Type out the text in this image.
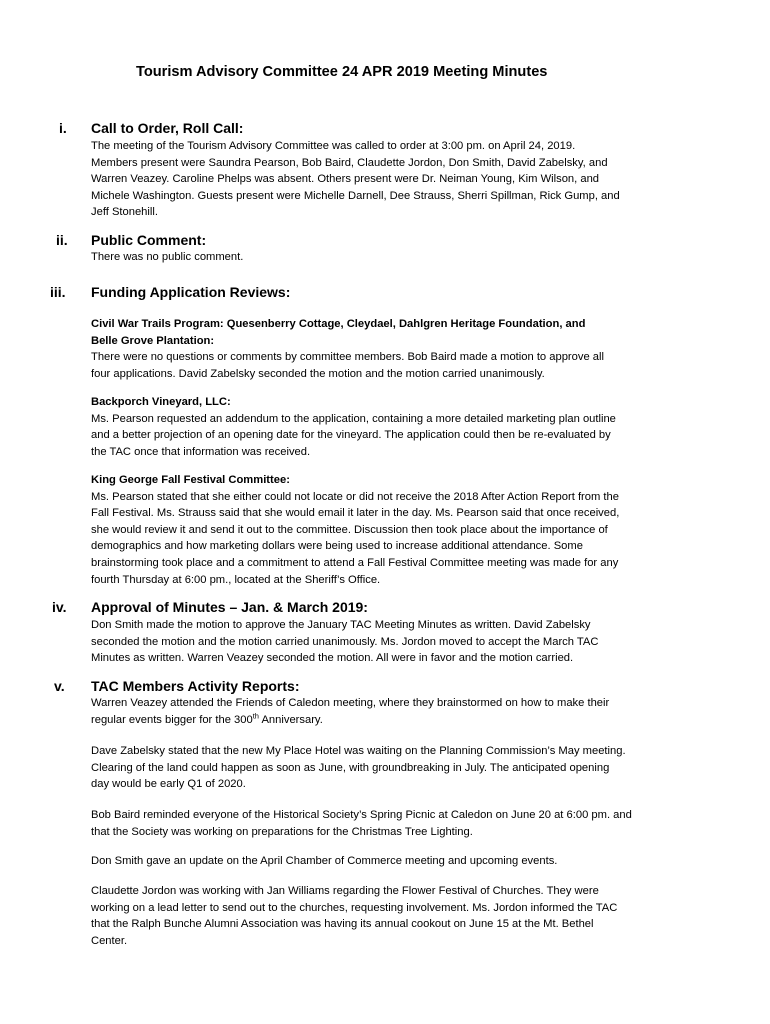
Tourism Advisory Committee 24 APR 2019 Meeting Minutes
i. Call to Order, Roll Call:
The meeting of the Tourism Advisory Committee was called to order at 3:00 pm. on April 24, 2019.
Members present were Saundra Pearson, Bob Baird, Claudette Jordon, Don Smith, David Zabelsky, and
Warren Veazey. Caroline Phelps was absent. Others present were Dr. Neiman Young, Kim Wilson, and
Michele Washington. Guests present were Michelle Darnell, Dee Strauss, Sherri Spillman, Rick Gump, and
Jeff Stonehill.
ii. Public Comment:
There was no public comment.
iii. Funding Application Reviews:
Civil War Trails Program: Quesenberry Cottage, Cleydael, Dahlgren Heritage Foundation, and
Belle Grove Plantation:
There were no questions or comments by committee members. Bob Baird made a motion to approve all
four applications. David Zabelsky seconded the motion and the motion carried unanimously.
Backporch Vineyard, LLC:
Ms. Pearson requested an addendum to the application, containing a more detailed marketing plan outline
and a better projection of an opening date for the vineyard. The application could then be re-evaluated by
the TAC once that information was received.
King George Fall Festival Committee:
Ms. Pearson stated that she either could not locate or did not receive the 2018 After Action Report from the
Fall Festival. Ms. Strauss said that she would email it later in the day. Ms. Pearson said that once received,
she would review it and send it out to the committee. Discussion then took place about the importance of
demographics and how marketing dollars were being used to increase additional attendance. Some
brainstorming took place and a commitment to attend a Fall Festival Committee meeting was made for any
fourth Thursday at 6:00 pm., located at the Sheriff’s Office.
iv. Approval of Minutes – Jan. & March 2019:
Don Smith made the motion to approve the January TAC Meeting Minutes as written. David Zabelsky
seconded the motion and the motion carried unanimously. Ms. Jordon moved to accept the March TAC
Minutes as written. Warren Veazey seconded the motion. All were in favor and the motion carried.
v. TAC Members Activity Reports:
Warren Veazey attended the Friends of Caledon meeting, where they brainstormed on how to make their
regular events bigger for the 300th Anniversary.
Dave Zabelsky stated that the new My Place Hotel was waiting on the Planning Commission’s May meeting.
Clearing of the land could happen as soon as June, with groundbreaking in July. The anticipated opening
day would be early Q1 of 2020.
Bob Baird reminded everyone of the Historical Society’s Spring Picnic at Caledon on June 20 at 6:00 pm. and
that the Society was working on preparations for the Christmas Tree Lighting.
Don Smith gave an update on the April Chamber of Commerce meeting and upcoming events.
Claudette Jordon was working with Jan Williams regarding the Flower Festival of Churches. They were
working on a lead letter to send out to the churches, requesting involvement. Ms. Jordon informed the TAC
that the Ralph Bunche Alumni Association was having its annual cookout on June 15 at the Mt. Bethel
Center.
